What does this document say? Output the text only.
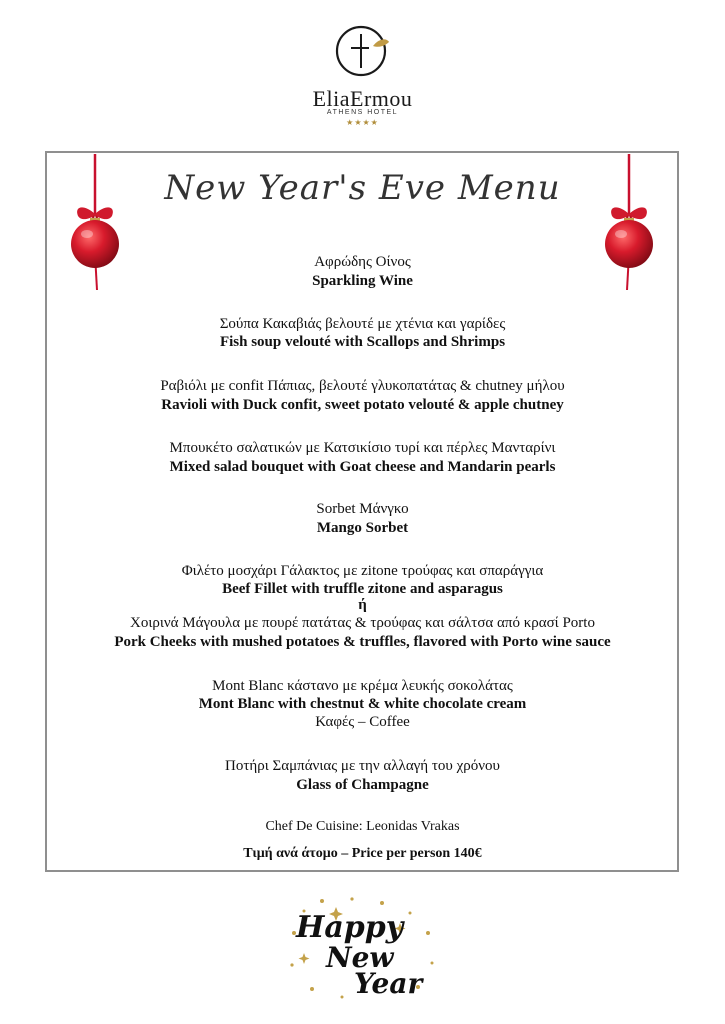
EliaErmou
ATHENS HOTEL
★★★★
New Year's Eve Menu
Αφρώδης Οίνος
Sparkling Wine
Σούπα Κακαβιάς βελουτέ με χτένια και γαρίδες
Fish soup velouté with Scallops and Shrimps
Ραβιόλι με confit Πάπιας, βελουτέ γλυκοπατάτας & chutney μήλου
Ravioli with Duck confit, sweet potato velouté & apple chutney
Μπουκέτο σαλατικών με Κατσικίσιο τυρί και πέρλες Μανταρίνι
Mixed salad bouquet with Goat cheese and Mandarin pearls
Sorbet Μάνγκο
Mango Sorbet
Φιλέτο μοσχάρι Γάλακτος με zitone τρούφας και σπαράγγια
Beef Fillet with truffle zitone and asparagus
ή
Χοιρινά Μάγουλα με πουρέ πατάτας & τρούφας και σάλτσα από κρασί Porto
Pork Cheeks with mushed potatoes & truffles, flavored with Porto wine sauce
Mont Blanc κάστανο με κρέμα λευκής σοκολάτας
Mont Blanc with chestnut & white chocolate cream
Καφές – Coffee
Ποτήρι Σαμπάνιας με την αλλαγή του χρόνου
Glass of Champagne
Chef De Cuisine: Leonidas Vrakas
Τιμή ανά άτομο – Price per person 140€
Happy
New
Year
